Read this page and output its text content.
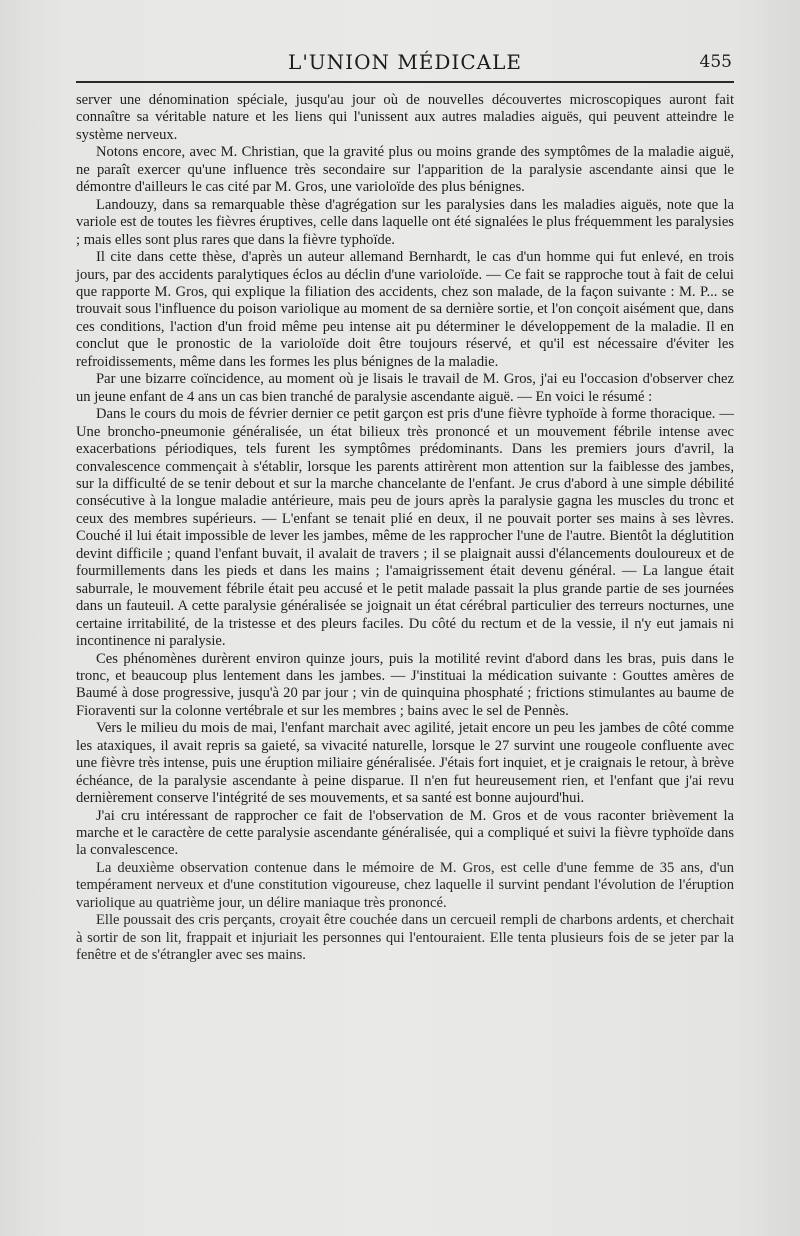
L'UNION MÉDICALE	455

server une dénomination spéciale, jusqu'au jour où de nouvelles découvertes microscopiques auront fait connaître sa véritable nature et les liens qui l'unissent aux autres maladies aiguës, qui peuvent atteindre le système nerveux.

Notons encore, avec M. Christian, que la gravité plus ou moins grande des symptômes de la maladie aiguë, ne paraît exercer qu'une influence très secondaire sur l'apparition de la paralysie ascendante ainsi que le démontre d'ailleurs le cas cité par M. Gros, une varioloïde des plus bénignes.

Landouzy, dans sa remarquable thèse d'agrégation sur les paralysies dans les maladies aiguës, note que la variole est de toutes les fièvres éruptives, celle dans laquelle ont été signalées le plus fréquemment les paralysies ; mais elles sont plus rares que dans la fièvre typhoïde.

Il cite dans cette thèse, d'après un auteur allemand Bernhardt, le cas d'un homme qui fut enlevé, en trois jours, par des accidents paralytiques éclos au déclin d'une varioloïde. — Ce fait se rapproche tout à fait de celui que rapporte M. Gros, qui explique la filiation des accidents, chez son malade, de la façon suivante : M. P... se trouvait sous l'influence du poison variolique au moment de sa dernière sortie, et l'on conçoit aisément que, dans ces conditions, l'action d'un froid même peu intense ait pu déterminer le développement de la maladie. Il en conclut que le pronostic de la varioloïde doit être toujours réservé, et qu'il est nécessaire d'éviter les refroidissements, même dans les formes les plus bénignes de la maladie.

Par une bizarre coïncidence, au moment où je lisais le travail de M. Gros, j'ai eu l'occasion d'observer chez un jeune enfant de 4 ans un cas bien tranché de paralysie ascendante aiguë. — En voici le résumé :

Dans le cours du mois de février dernier ce petit garçon est pris d'une fièvre typhoïde à forme thoracique. — Une broncho-pneumonie généralisée, un état bilieux très prononcé et un mouvement fébrile intense avec exacerbations périodiques, tels furent les symptômes prédominants. Dans les premiers jours d'avril, la convalescence commençait à s'établir, lorsque les parents attirèrent mon attention sur la faiblesse des jambes, sur la difficulté de se tenir debout et sur la marche chancelante de l'enfant. Je crus d'abord à une simple débilité consécutive à la longue maladie antérieure, mais peu de jours après la paralysie gagna les muscles du tronc et ceux des membres supérieurs. — L'enfant se tenait plié en deux, il ne pouvait porter ses mains à ses lèvres. Couché il lui était impossible de lever les jambes, même de les rapprocher l'une de l'autre. Bientôt la déglutition devint difficile ; quand l'enfant buvait, il avalait de travers ; il se plaignait aussi d'élancements douloureux et de fourmillements dans les pieds et dans les mains ; l'amaigrissement était devenu général. — La langue était saburrale, le mouvement fébrile était peu accusé et le petit malade passait la plus grande partie de ses journées dans un fauteuil. A cette paralysie généralisée se joignait un état cérébral particulier des terreurs nocturnes, une certaine irritabilité, de la tristesse et des pleurs faciles. Du côté du rectum et de la vessie, il n'y eut jamais ni incontinence ni paralysie.

Ces phénomènes durèrent environ quinze jours, puis la motilité revint d'abord dans les bras, puis dans le tronc, et beaucoup plus lentement dans les jambes. — J'instituai la médication suivante : Gouttes amères de Baumé à dose progressive, jusqu'à 20 par jour ; vin de quinquina phosphaté ; frictions stimulantes au baume de Fioraventi sur la colonne vertébrale et sur les membres ; bains avec le sel de Pennès.

Vers le milieu du mois de mai, l'enfant marchait avec agilité, jetait encore un peu les jambes de côté comme les ataxiques, il avait repris sa gaieté, sa vivacité naturelle, lorsque le 27 survint une rougeole confluente avec une fièvre très intense, puis une éruption miliaire généralisée. J'étais fort inquiet, et je craignais le retour, à brève échéance, de la paralysie ascendante à peine disparue. Il n'en fut heureusement rien, et l'enfant que j'ai revu dernièrement conserve l'intégrité de ses mouvements, et sa santé est bonne aujourd'hui.

J'ai cru intéressant de rapprocher ce fait de l'observation de M. Gros et de vous raconter brièvement la marche et le caractère de cette paralysie ascendante généralisée, qui a compliqué et suivi la fièvre typhoïde dans la convalescence.

La deuxième observation contenue dans le mémoire de M. Gros, est celle d'une femme de 35 ans, d'un tempérament nerveux et d'une constitution vigoureuse, chez laquelle il survint pendant l'évolution de l'éruption variolique au quatrième jour, un délire maniaque très prononcé.

Elle poussait des cris perçants, croyait être couchée dans un cercueil rempli de charbons ardents, et cherchait à sortir de son lit, frappait et injuriait les personnes qui l'entouraient. Elle tenta plusieurs fois de se jeter par la fenêtre et de s'étrangler avec ses mains.
